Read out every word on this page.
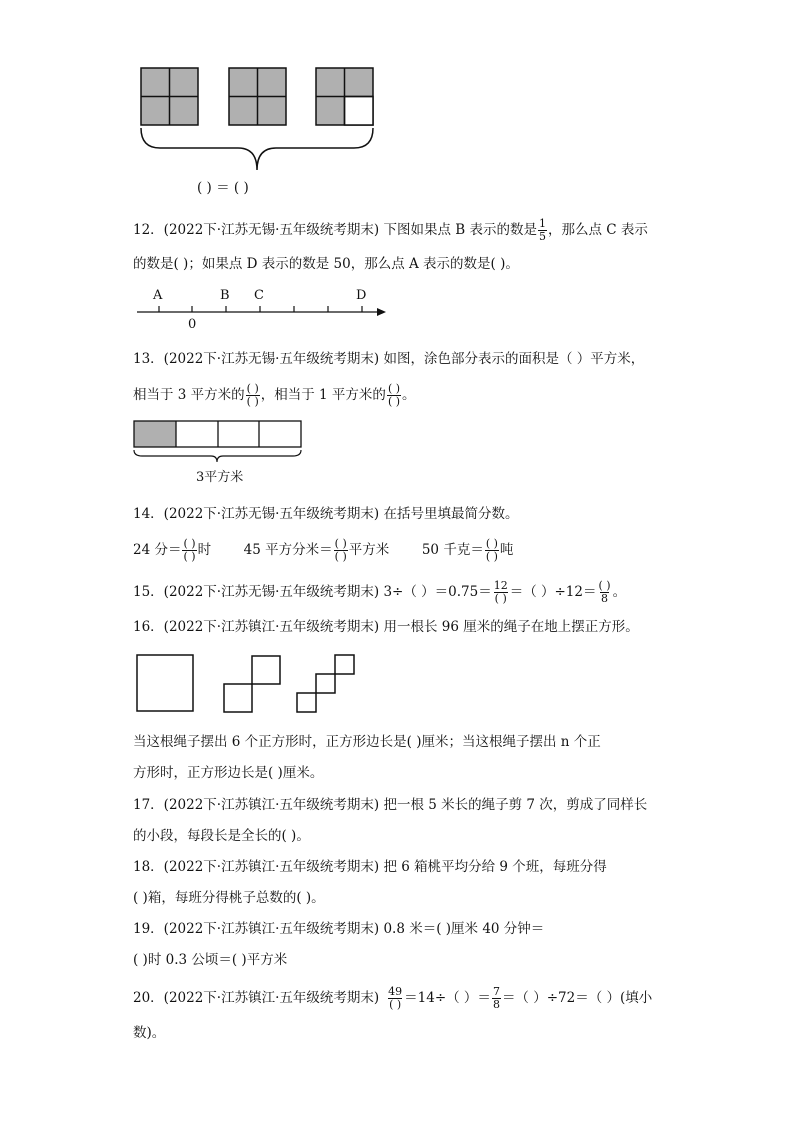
( ) ＝ ( )
12．(2022下·江苏无锡·五年级统考期末) 下图如果点 B 表示的数是 $\frac{1}{5}$ ，那么点 C 表示
的数是( )；如果点 D 表示的数是 50，那么点 A 表示的数是( )。
A	B C	D
0
13．(2022下·江苏无锡·五年级统考期末) 如图，涂色部分表示的面积是（ ）平方米，
相当于 3 平方米的 $\frac{( )}{( )}$ ，相当于 1 平方米的 $\frac{( )}{( )}$ 。
3平方米
14．(2022下·江苏无锡·五年级统考期末) 在括号里填最简分数。
24 分＝ $\frac{( )}{( )}$ 时 45 平方分米＝ $\frac{( )}{( )}$ 平方米 50 千克＝ $\frac{( )}{( )}$ 吨
15．(2022下·江苏无锡·五年级统考期末) 3÷（ ）$=0.75= \frac{12}{( )}$ ＝（ ）$\div 12= \frac{( )}{8}$ 。
16．(2022下·江苏镇江·五年级统考期末) 用一根长 96 厘米的绳子在地上摆正方形。
当这根绳子摆出 6 个正方形时，正方形边长是( )厘米；当这根绳子摆出 n 个正
方形时，正方形边长是( )厘米。
17．(2022下·江苏镇江·五年级统考期末) 把一根 5 米长的绳子剪 7 次，剪成了同样长
的小段，每段长是全长的( )。
18．(2022下·江苏镇江·五年级统考期末) 把 6 箱桃平均分给 9 个班，每班分得
( )箱，每班分得桃子总数的( )。
19．(2022下·江苏镇江·五年级统考期末) 0.8 米＝( )厘米 40 分钟＝
( )时 0.3 公顷＝( )平方米
20．(2022下·江苏镇江·五年级统考期末) $\frac{49}{( )} =14\div$（ ）＝ $\frac{7}{8}$ ＝（ ）÷72＝（ ）(填小
数)。
